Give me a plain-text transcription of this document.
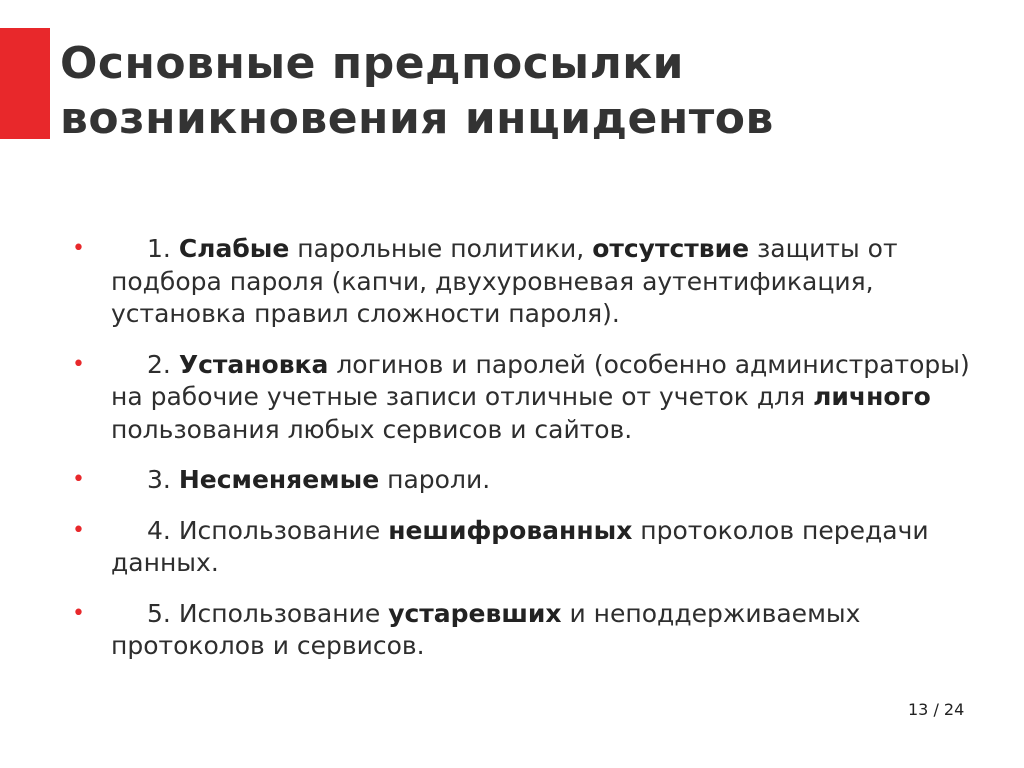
Основные предпосылки
возникновения инцидентов
• 1. Слабые парольные политики, отсутствие защиты от подбора пароля (капчи, двухуровневая аутентификация, установка правил сложности пароля).
• 2. Установка логинов и паролей (особенно администраторы) на рабочие учетные записи отличные от учеток для личного пользования любых сервисов и сайтов.
• 3. Несменяемые пароли.
• 4. Использование нешифрованных протоколов передачи данных.
• 5. Использование устаревших и неподдерживаемых протоколов и сервисов.
13 / 24
